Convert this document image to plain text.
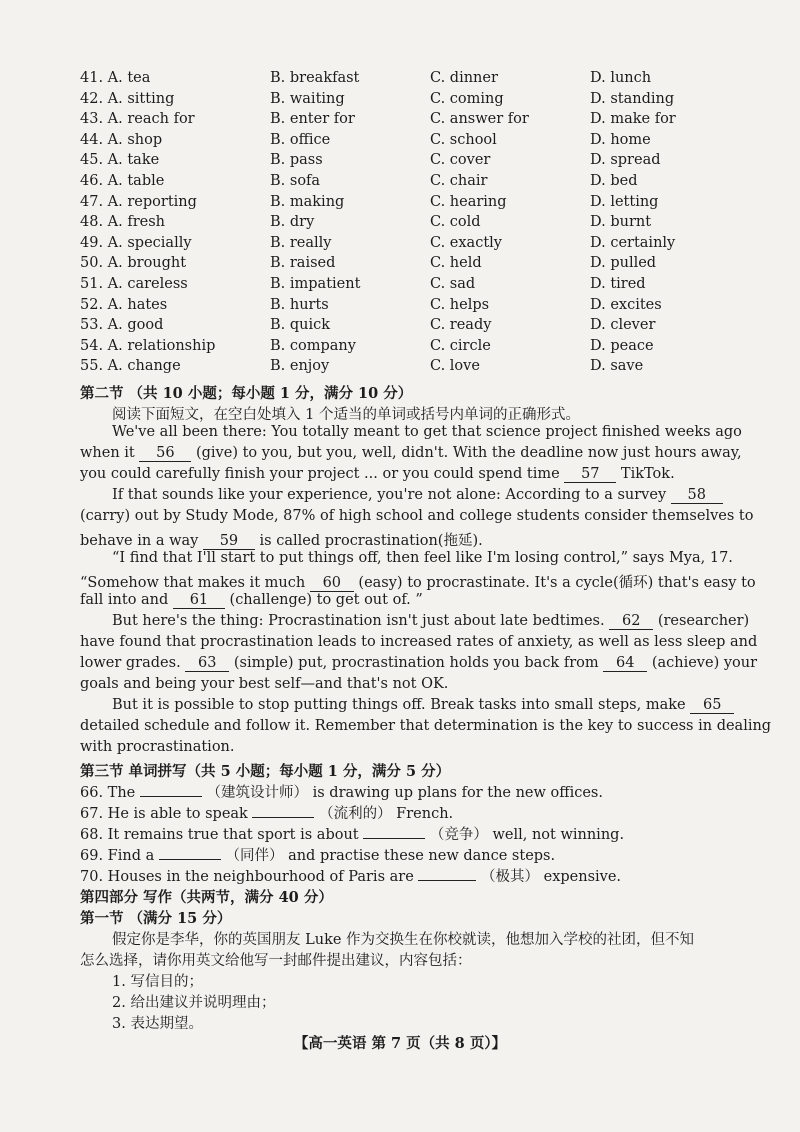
41. A. tea	B. breakfast	C. dinner	D. lunch
42. A. sitting	B. waiting	C. coming	D. standing
43. A. reach for	B. enter for	C. answer for	D. make for
44. A. shop	B. office	C. school	D. home
45. A. take	B. pass	C. cover	D. spread
46. A. table	B. sofa	C. chair	D. bed
47. A. reporting	B. making	C. hearing	D. letting
48. A. fresh	B. dry	C. cold	D. burnt
49. A. specially	B. really	C. exactly	D. certainly
50. A. brought	B. raised	C. held	D. pulled
51. A. careless	B. impatient	C. sad	D. tired
52. A. hates	B. hurts	C. helps	D. excites
53. A. good	B. quick	C. ready	D. clever
54. A. relationship	B. company	C. circle	D. peace
55. A. change	B. enjoy	C. love	D. save
第二节 （共 10 小题；每小题 1 分，满分 10 分）
阅读下面短文，在空白处填入 1 个适当的单词或括号内单词的正确形式。
We've all been there: You totally meant to get that science project finished weeks ago
when it 56 (give) to you, but you, well, didn't. With the deadline now just hours away,
you could carefully finish your project ... or you could spend time 57 TikTok.
If that sounds like your experience, you're not alone: According to a survey 58
(carry) out by Study Mode, 87% of high school and college students consider themselves to
behave in a way 59 is called procrastination(拖延).
“I find that I'll start to put things off, then feel like I'm losing control,” says Mya, 17.
“Somehow that makes it much 60 (easy) to procrastinate. It's a cycle(循环) that's easy to
fall into and 61 (challenge) to get out of. ”
But here's the thing: Procrastination isn't just about late bedtimes. 62 (researcher)
have found that procrastination leads to increased rates of anxiety, as well as less sleep and
lower grades. 63 (simple) put, procrastination holds you back from 64 (achieve) your
goals and being your best self—and that's not OK.
But it is possible to stop putting things off. Break tasks into small steps, make 65
detailed schedule and follow it. Remember that determination is the key to success in dealing
with procrastination.
第三节 单词拼写（共 5 小题；每小题 1 分，满分 5 分）
66. The	（建筑设计师） is drawing up plans for the new offices.
67. He is able to speak	（流利的） French.
68. It remains true that sport is about	（竞争） well, not winning.
69. Find a	（同伴） and practise these new dance steps.
70. Houses in the neighbourhood of Paris are	（极其） expensive.
第四部分 写作（共两节，满分 40 分）
第一节 （满分 15 分）
假定你是李华，你的英国朋友 Luke 作为交换生在你校就读，他想加入学校的社团，但不知
怎么选择，请你用英文给他写一封邮件提出建议，内容包括：
1. 写信目的；
2. 给出建议并说明理由；
3. 表达期望。
【高一英语 第 7 页（共 8 页）】
